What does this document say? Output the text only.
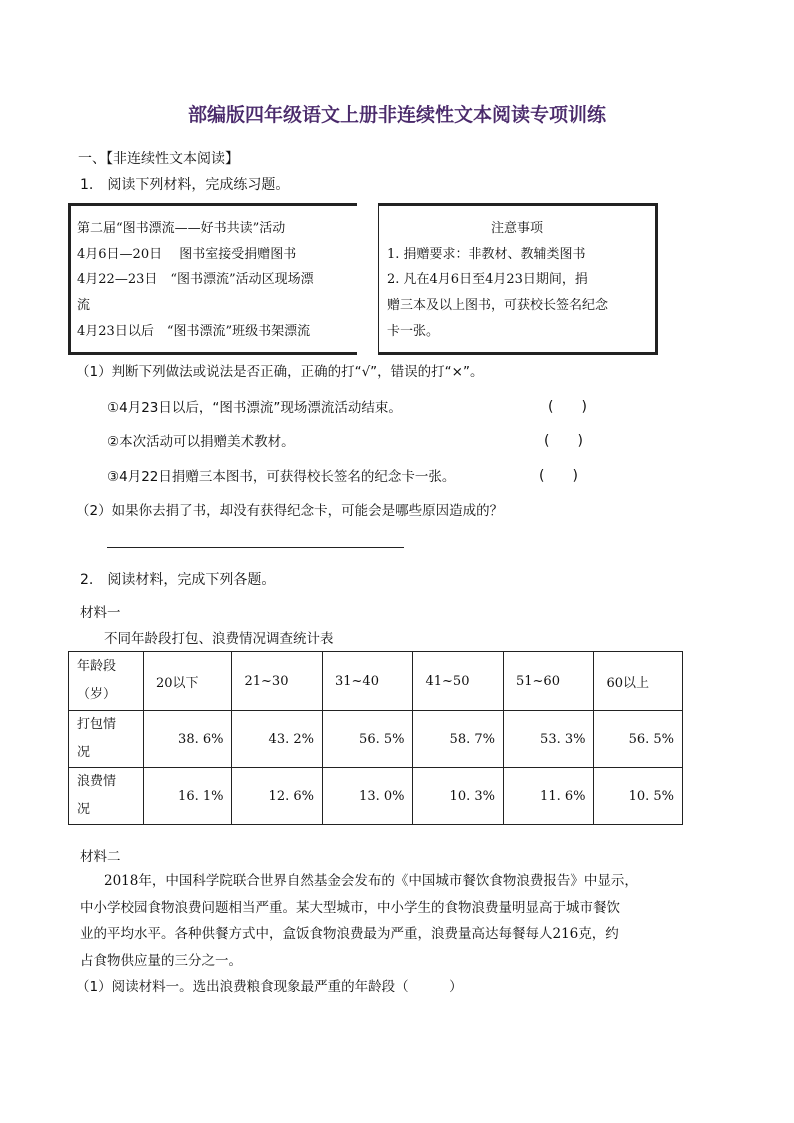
部编版四年级语文上册非连续性文本阅读专项训练
一、【非连续性文本阅读】
1.　阅读下列材料，完成练习题。
第二届“图书漂流——好书共读”活动
4月6日—20日　 图书室接受捐赠图书
4月22—23日　“图书漂流”活动区现场漂
流
4月23日以后　“图书漂流”班级书架漂流
注意事项
1. 捐赠要求：非教材、教辅类图书
2. 凡在4月6日至4月23日期间，捐
赠三本及以上图书，可获校长签名纪念
卡一张。
（1）判断下列做法或说法是否正确，正确的打“√”，错误的打“×”。
①4月23日以后，“图书漂流”现场漂流活动结束。	(　　)
②本次活动可以捐赠美术教材。	(　　)
③4月22日捐赠三本图书，可获得校长签名的纪念卡一张。	(　　)
（2）如果你去捐了书，却没有获得纪念卡，可能会是哪些原因造成的？
2.　阅读材料，完成下列各题。
材料一
不同年龄段打包、浪费情况调查统计表
年龄段
（岁）	20以下	21~30	31~40	41~50	51~60	60以上

打包情
况	38. 6%	43. 2%	56. 5%	58. 7%	53. 3%	56. 5%

浪费情
况	16. 1%	12. 6%	13. 0%	10. 3%	11. 6%	10. 5%
材料二
2018年，中国科学院联合世界自然基金会发布的《中国城市餐饮食物浪费报告》中显示，
中小学校园食物浪费问题相当严重。某大型城市，中小学生的食物浪费量明显高于城市餐饮
业的平均水平。各种供餐方式中，盒饭食物浪费最为严重，浪费量高达每餐每人216克，约
占食物供应量的三分之一。
（1）阅读材料一。选出浪费粮食现象最严重的年龄段（　　　）
